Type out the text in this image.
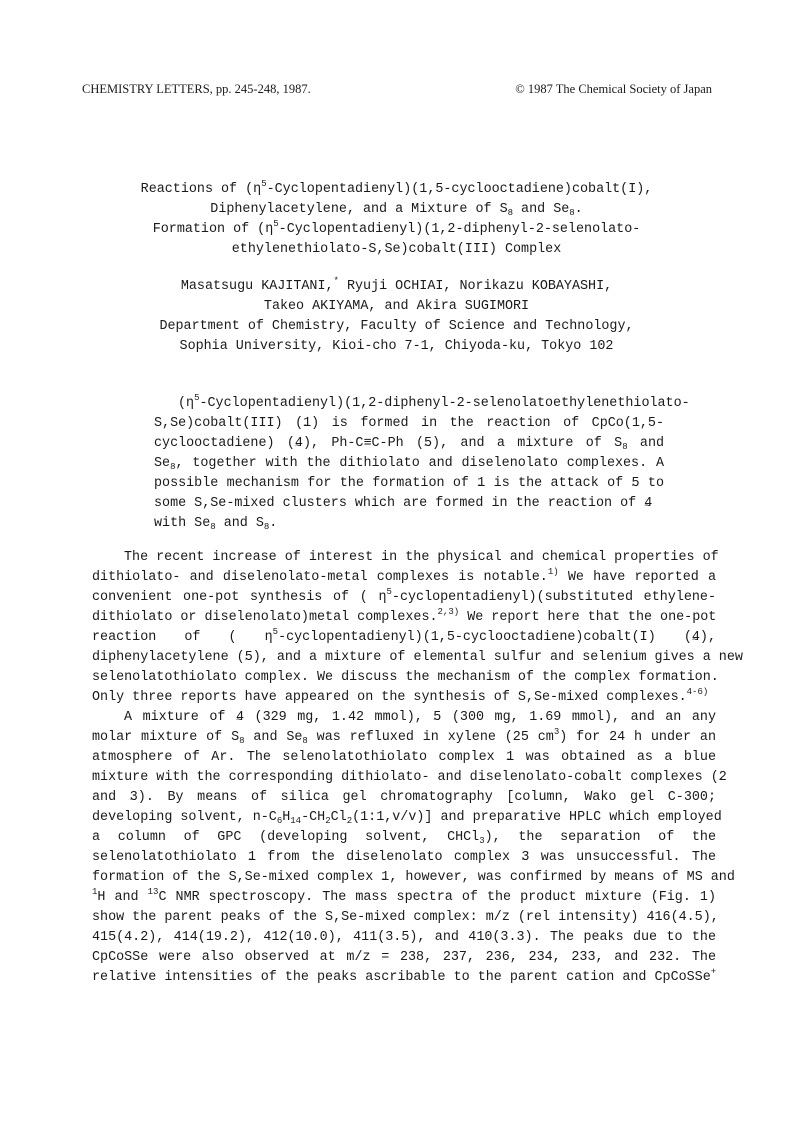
CHEMISTRY LETTERS, pp. 245-248, 1987.	© 1987 The Chemical Society of Japan
Reactions of $(\eta^5-Cyclopentadienyl)(1,5-cyclooctadiene)cobalt(I)$,
Diphenylacetylene, and a Mixture of $S_8$ and $Se_8$.
Formation of $(\eta^5-Cyclopentadienyl)(1,2-diphenyl-2-selenolato-$
ethylenethiolato-S,Se)cobalt(III) Complex
Masatsugu KAJITANI,* Ryuji OCHIAI, Norikazu KOBAYASHI,
Takeo AKIYAMA, and Akira SUGIMORI
Department of Chemistry, Faculty of Science and Technology,
Sophia University, Kioi-cho 7-1, Chiyoda-ku, Tokyo 102
$(\eta^5-Cyclopentadienyl)(1,2-diphenyl-2-selenolatoethylenethiolato-$
S,Se)cobalt(III) (1 ~) is formed in the reaction of CpCo(1,5-
cyclooctadiene) (4 ~), Ph-C≡C-Ph (5 ~), and a mixture of $S_8$ and
$Se_8$, together with the dithiolato and diselenolato complexes. A
possible mechanism for the formation of 1 ~ is the attack of 5 ~ to
some S,Se-mixed clusters which are formed in the reaction of 4 ~
with $Se_8$ and $S_8$.
The recent increase of interest in the physical and chemical properties of
dithiolato- and diselenolato-metal complexes is notable.$^{1)}$ We have reported a
convenient one-pot synthesis of ( $\eta^5-cyclopentadienyl)(substituted$ ethylene-
dithiolato or diselenolato)metal complexes.$^{2,3)}$ We report here that the one-pot
reaction of ( $\eta^5-cyclopentadienyl)(1,5-cyclooctadiene)cobalt(I)$ (4 ~),
diphenylacetylene (5 ~), and a mixture of elemental sulfur and selenium gives a new
selenolatothiolato complex. We discuss the mechanism of the complex formation.
Only three reports have appeared on the synthesis of S,Se-mixed complexes.$^{4-6)}$
A mixture of 4 ~ (329 mg, 1.42 mmol), 5 ~ (300 mg, 1.69 mmol), and an any
molar mixture of $S_8$ and $Se_8$ was refluxed in xylene (25 $cm^3$) for 24 h under an
atmosphere of Ar. The selenolatothiolato complex 1 ~ was obtained as a blue
mixture with the corresponding dithiolato- and diselenolato-cobalt complexes (2 ~
and 3 ~). By means of silica gel chromatography [column, Wako gel C-300;
developing solvent, $n-C_6H_{14}-CH_2Cl_2(1:1,v/v)$] and preparative HPLC which employed
a column of GPC (developing solvent, CHCl$_3$), the separation of the
selenolatothiolato 1 ~ from the diselenolato complex 3 ~ was unsuccessful. The
formation of the S,Se-mixed complex 1 ~, however, was confirmed by means of MS and
$^1$H and $^{13}$C NMR spectroscopy. The mass spectra of the product mixture (Fig. 1)
show the parent peaks of the S,Se-mixed complex: m/z (rel intensity) 416(4.5),
415(4.2), 414(19.2), 412(10.0), 411(3.5), and 410(3.3). The peaks due to the
CpCoSSe were also observed at m/z = 238, 237, 236, 234, 233, and 232. The
relative intensities of the peaks ascribable to the parent cation and CpCoSSe+
